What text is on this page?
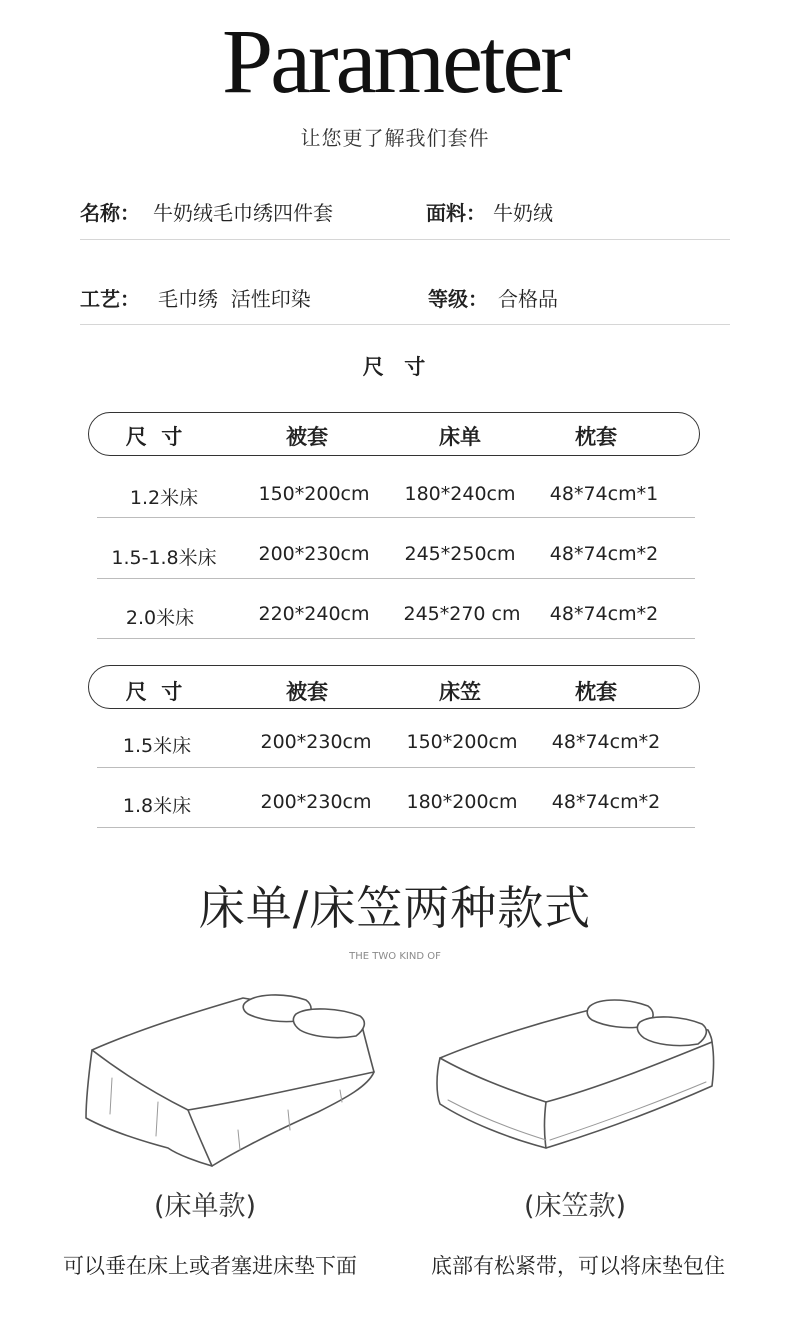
Parameter
让您更了解我们套件
名称： 牛奶绒毛巾绣四件套	面料： 牛奶绒
工艺： 毛巾绣  活性印染	等级： 合格品
尺  寸
尺  寸	被套	床单	枕套
1.2米床	150*200cm 180*240cm 48*74cm*1
1.5-1.8米床 200*230cm 245*250cm 48*74cm*2
2.0米床	220*240cm 245*270 cm 48*74cm*2
尺  寸	被套	床笠	枕套
1.5米床	200*230cm 150*200cm 48*74cm*2
1.8米床	200*230cm 180*200cm 48*74cm*2
床单/床笠两种款式
THE TWO KIND OF
(床单款)	(床笠款)
可以垂在床上或者塞进床垫下面	底部有松紧带，可以将床垫包住
